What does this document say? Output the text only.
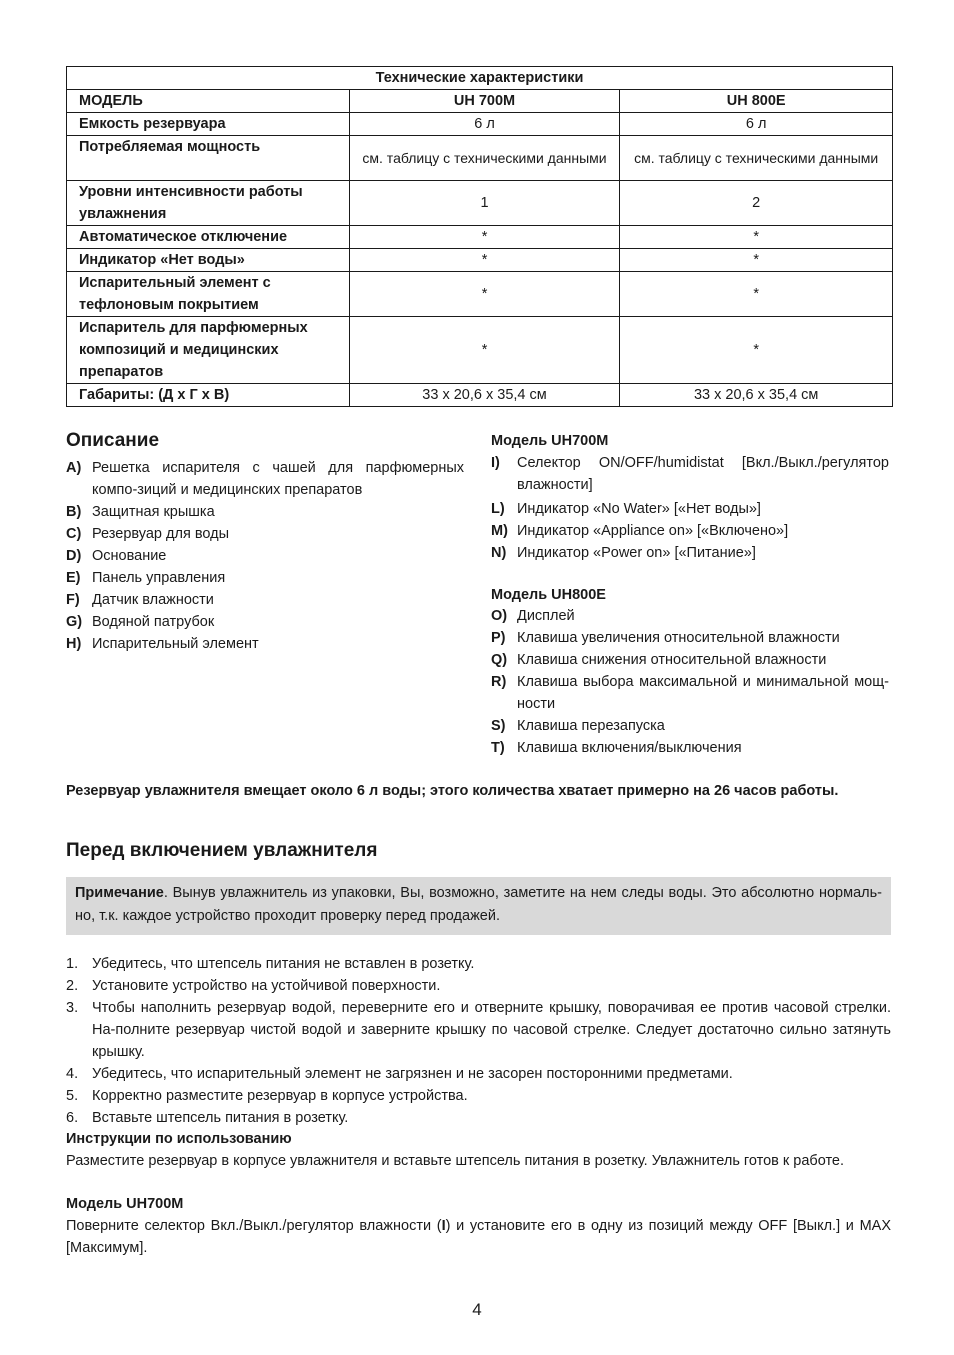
Технические характеристики		
МОДЕЛЬ	UH 700M	UH 800E
Емкость резервуара	6 л	6 л
Потребляемая мощность	см. таблицу с техническими данными	см. таблицу с техническими данными
Уровни интенсивности работы увлажнения	1	2
Автоматическое отключение	*	*
Индикатор «Нет воды»	*	*
Испарительный элемент с тефлоновым покрытием	*	*
Испаритель для парфюмерных композиций и медицинских препаратов	*	*
Габариты: (Д х Г х В)	33 x 20,6 x 35,4 см	33 x 20,6 x 35,4 см
Описание
A) Решетка испарителя с чашей для парфюмерных компо-зиций и медицинских препаратов
B) Защитная крышка
C) Резервуар для воды
D) Основание
E) Панель управления
F) Датчик влажности
G) Водяной патрубок
H) Испарительный элемент
Модель UH700M
I)	Селектор ON/OFF/humidistat [Вкл./Выкл./регулятор влажности]
L) Индикатор «No Water» [«Нет воды»]
M) Индикатор «Appliance on» [«Включено»]
N) Индикатор «Power on» [«Питание»]
Модель UH800E
O) Дисплей
P) Клавиша увеличения относительной влажности
Q) Клавиша снижения относительной влажности
R) Клавиша выбора максимальной и минимальной мощ-ности
S) Клавиша перезапуска
T) Клавиша включения/выключения
Резервуар увлажнителя вмещает около 6 л воды; этого количества хватает примерно на 26 часов работы.
Перед включением увлажнителя
Примечание. Вынув увлажнитель из упаковки, Вы, возможно, заметите на нем следы воды. Это абсолютно нормаль-но, т.к. каждое устройство проходит проверку перед продажей.
1. Убедитесь, что штепсель питания не вставлен в розетку.
2. Установите устройство на устойчивой поверхности.
3. Чтобы наполнить резервуар водой, переверните его и отверните крышку, поворачивая ее против часовой стрелки. На-полните резервуар чистой водой и заверните крышку по часовой стрелке. Следует достаточно сильно затянуть крышку.
4. Убедитесь, что испарительный элемент не загрязнен и не засорен посторонними предметами.
5. Корректно разместите резервуар в корпусе устройства.
6. Вставьте штепсель питания в розетку.
Инструкции по использованию
Разместите резервуар в корпусе увлажнителя и вставьте штепсель питания в розетку. Увлажнитель готов к работе.
Модель UH700M
Поверните селектор Вкл./Выкл./регулятор влажности (I) и установите его в одну из позиций между OFF [Выкл.] и MAX [Максимум].
4
